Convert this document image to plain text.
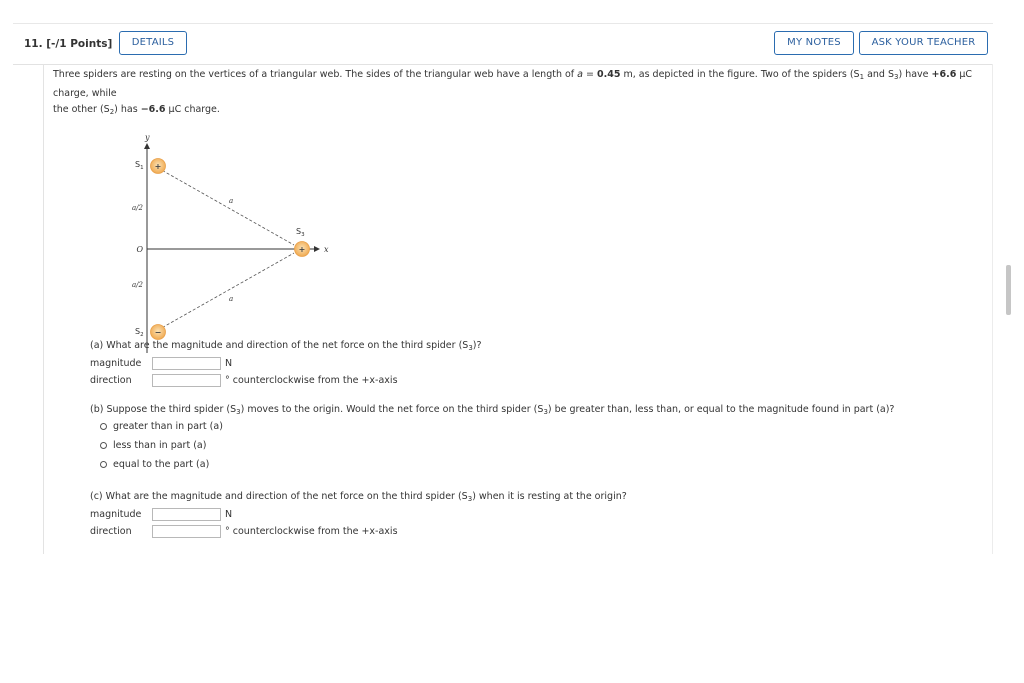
11. [-/1 Points]	DETAILS	MY NOTES	ASK YOUR TEACHER
Three spiders are resting on the vertices of a triangular web. The sides of the triangular web have a length of a = 0.45 m, as depicted in the figure. Two of the spiders ($S_1$ and $S_3$) have +6.6 µC charge, while
the other $(S_2)$ has −6.6 µC charge.
y
x
a
a
$S_1$
a/2
O
a/2
$S_2$
$S_3$
+
−
+
(a) What are the magnitude and direction of the net force on the third spider $(S_3)$?
magnitude	N
direction	° counterclockwise from the +x-axis
(b) Suppose the third spider $(S_3)$ moves to the origin. Would the net force on the third spider $(S_3)$ be greater than, less than, or equal to the magnitude found in part (a)?
greater than in part (a)
less than in part (a)
equal to the part (a)
(c) What are the magnitude and direction of the net force on the third spider $(S_3)$ when it is resting at the origin?
magnitude	N
direction	° counterclockwise from the +x-axis
